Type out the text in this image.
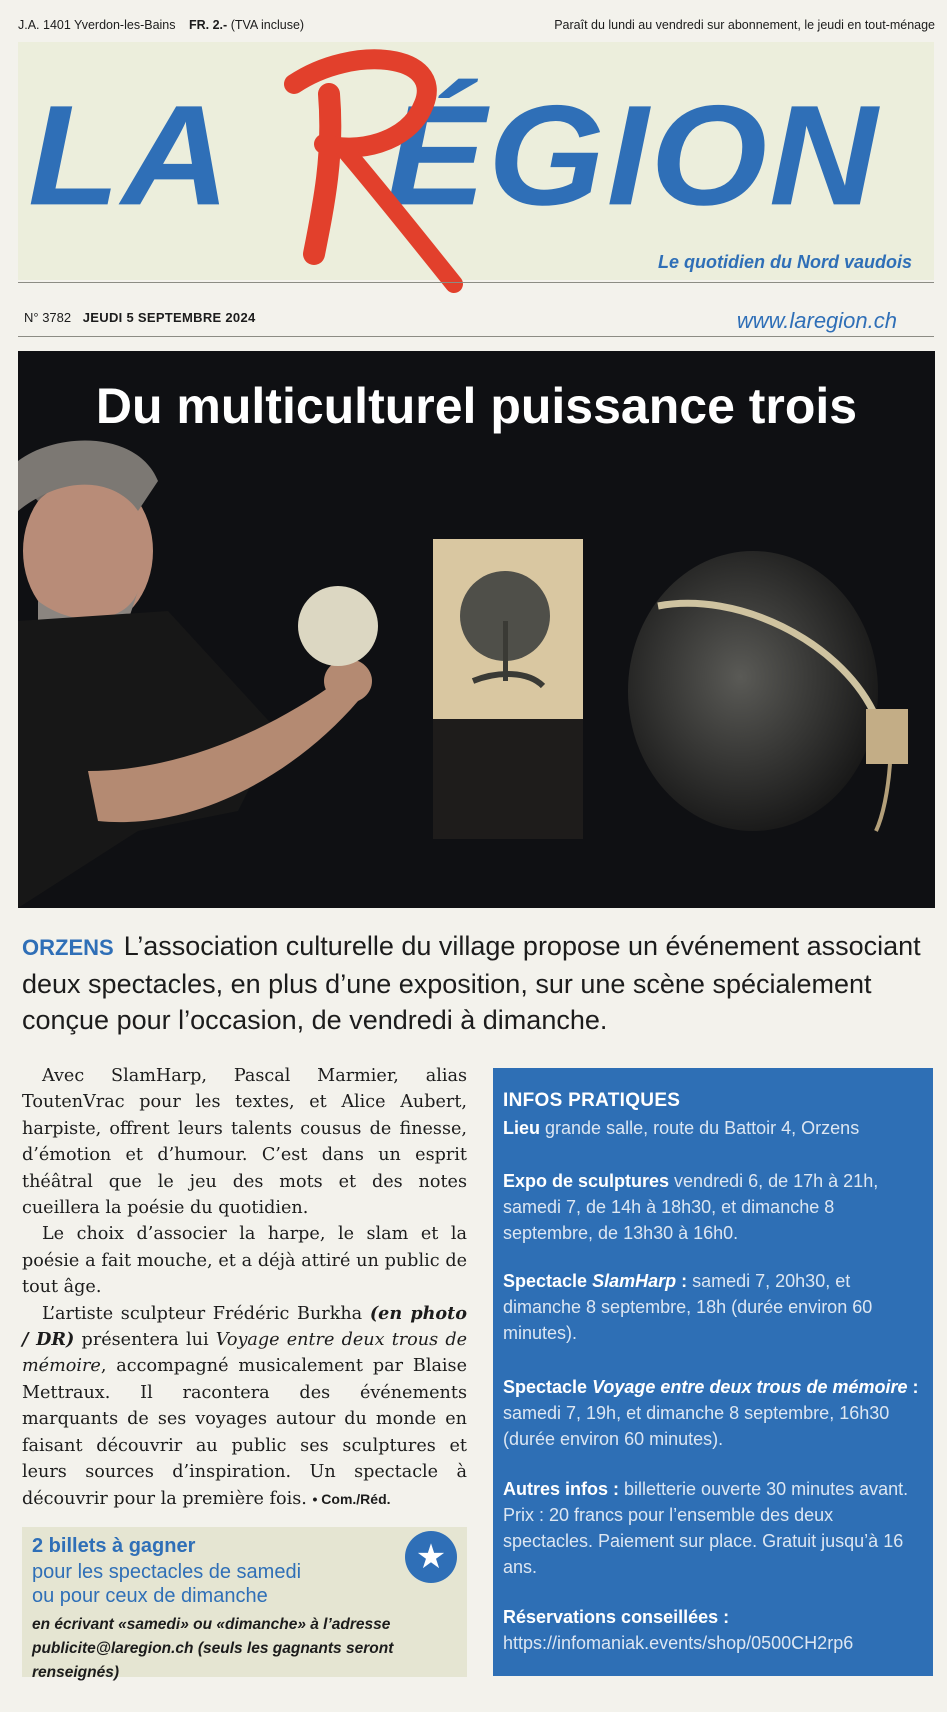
J.A. 1401 Yverdon-les-Bains FR. 2.- (TVA incluse)	Paraît du lundi au vendredi sur abonnement, le jeudi en tout-ménage
LA ÉGION
Le quotidien du Nord vaudois
N° 3782 JEUDI 5 SEPTEMBRE 2024	www.laregion.ch
Du multiculturel puissance trois
ORZENS L’association culturelle du village propose un événement associant deux spectacles, en plus d’une exposition, sur une scène spécialement conçue pour l’occasion, de vendredi à dimanche.

Avec SlamHarp, Pascal Marmier, alias ToutenVrac pour les textes, et Alice Aubert, harpiste, offrent leurs talents cousus de finesse, d’émotion et d’humour. C’est dans un esprit théâtral que le jeu des mots et des notes cueillera la poésie du quotidien.

Le choix d’associer la harpe, le slam et la poésie a fait mouche, et a déjà attiré un public de tout âge.

L’artiste sculpteur Frédéric Burkha (en photo / DR) présentera lui Voyage entre deux trous de mémoire, accompagné musicalement par Blaise Mettraux. Il racontera des événements marquants de ses voyages autour du monde en faisant découvrir au public ses sculptures et leurs sources d’inspiration. Un spectacle à découvrir pour la première fois. • Com./Réd.

2 billets à gagner
pour les spectacles de samedi
ou pour ceux de dimanche
en écrivant «samedi» ou «dimanche» à l’adresse publicite@laregion.ch (seuls les gagnants seront renseignés)
★
INFOS PRATIQUES
Lieu grande salle, route du Battoir 4, Orzens
Expo de sculptures vendredi 6, de 17h à 21h, samedi 7, de 14h à 18h30, et dimanche 8 septembre, de 13h30 à 16h0.
Spectacle SlamHarp : samedi 7, 20h30, et dimanche 8 septembre, 18h (durée environ 60 minutes).
Spectacle Voyage entre deux trous de mémoire : samedi 7, 19h, et dimanche 8 septembre, 16h30 (durée environ 60 minutes).
Autres infos : billetterie ouverte 30 minutes avant. Prix : 20 francs pour l’ensemble des deux spectacles. Paiement sur place. Gratuit jusqu’à 16 ans.
Réservations conseillées : https://infomaniak.events/shop/0500CH2rp6
